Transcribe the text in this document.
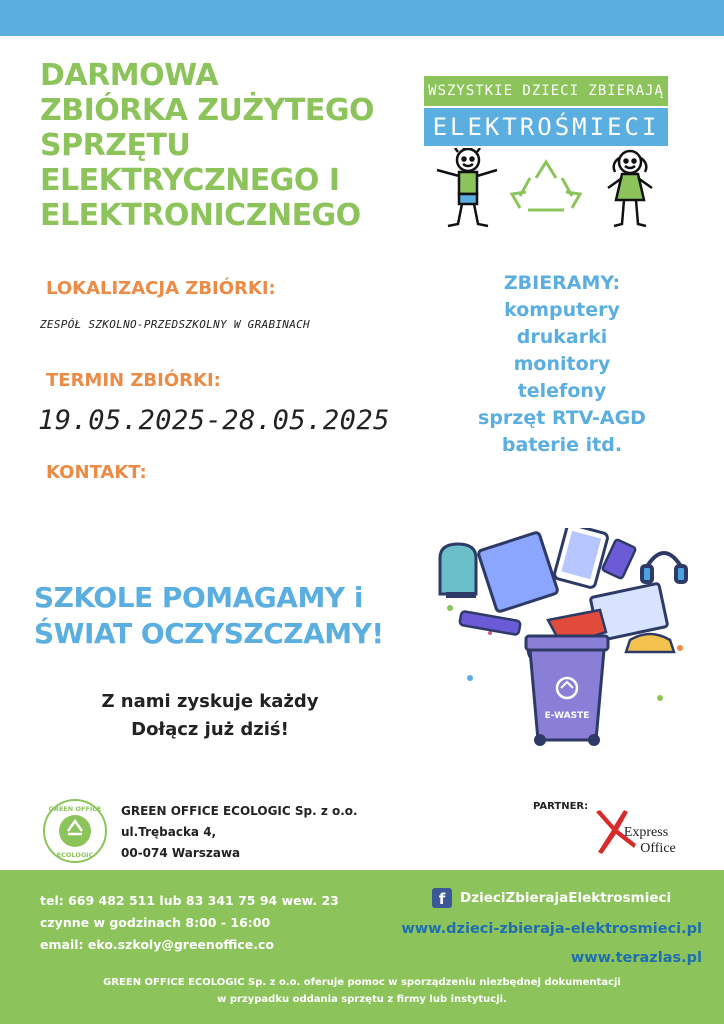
DARMOWA
ZBIÓRKA ZUŻYTEGO
SPRZĘTU
ELEKTRYCZNEGO I
ELEKTRONICZNEGO
WSZYSTKIE DZIECI ZBIERAJĄ
ELEKTROŚMIECI
LOKALIZACJA ZBIÓRKI:
ZESPÓŁ SZKOLNO-PRZEDSZKOLNY W GRABINACH
TERMIN ZBIÓRKI:
19.05.2025-28.05.2025
KONTAKT:
ZBIERAMY:
komputery
drukarki
monitory
telefony
sprzęt RTV-AGD
baterie itd.
SZKOLE POMAGAMY i
ŚWIAT OCZYSZCZAMY!
Z nami zyskuje każdy
Dołącz już dziś!
E-WASTE
GREEN OFFICE
ECOLOGIC
GREEN OFFICE ECOLOGIC Sp. z o.o.
ul.Trębacka 4,
00-074 Warszawa
PARTNER:
Express
Office
tel: 669 482 511 lub 83 341 75 94 wew. 23
czynne w godzinach 8:00 - 16:00
email: eko.szkoly@greenoffice.co
f	DzieciZbierajaElektrosmieci
www.dzieci-zbieraja-elektrosmieci.pl
www.terazlas.pl
GREEN OFFICE ECOLOGIC Sp. z o.o. oferuje pomoc w sporządzeniu niezbędnej dokumentacji
w przypadku oddania sprzętu z firmy lub instytucji.
